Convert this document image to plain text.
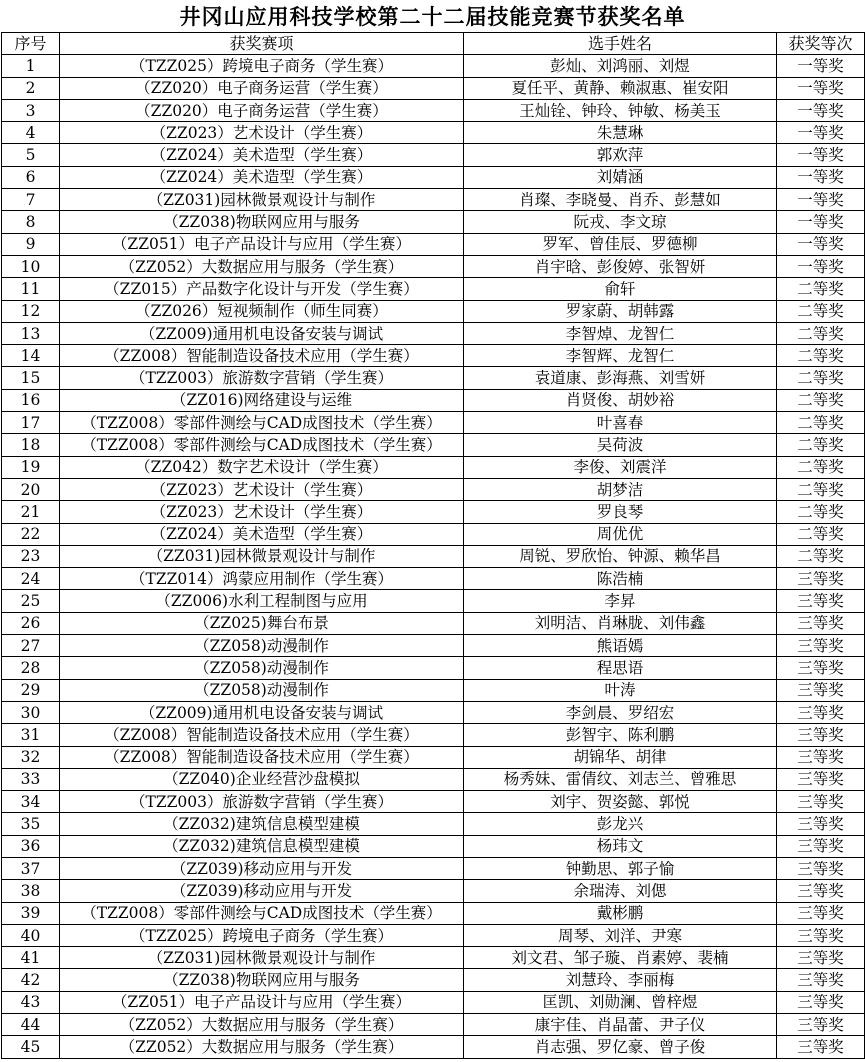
井冈山应用科技学校第二十二届技能竞赛节获奖名单
序号	获奖赛项	选手姓名	获奖等次
1	（TZZ025）跨境电子商务（学生赛）	彭灿、刘鸿丽、刘煜	一等奖
2	（ZZ020）电子商务运营（学生赛）	夏任平、黄静、赖淑惠、崔安阳	一等奖
3	（ZZ020）电子商务运营（学生赛）	王灿铨、钟玲、钟敏、杨美玉	一等奖
4	（ZZ023）艺术设计（学生赛）	朱慧琳	一等奖
5	（ZZ024）美术造型（学生赛）	郭欢萍	一等奖
6	（ZZ024）美术造型（学生赛）	刘婧涵	一等奖
7	（ZZ031)园林微景观设计与制作	肖璨、李晓曼、肖乔、彭慧如	一等奖
8	（ZZ038)物联网应用与服务	阮戎、李文琼	一等奖
9	（ZZ051）电子产品设计与应用（学生赛）	罗军、曾佳辰、罗德柳	一等奖
10	（ZZ052）大数据应用与服务（学生赛）	肖宇晗、彭俊婷、张智妍	一等奖
11	（ZZ015）产品数字化设计与开发（学生赛）	俞轩	二等奖
12	（ZZ026）短视频制作（师生同赛）	罗家蔚、胡韩露	二等奖
13	（ZZ009)通用机电设备安装与调试	李智焯、龙智仁	二等奖
14	（ZZ008）智能制造设备技术应用（学生赛）	李智辉、龙智仁	二等奖
15	（TZZ003）旅游数字营销（学生赛）	袁道康、彭海燕、刘雪妍	二等奖
16	（ZZ016)网络建设与运维	肖贤俊、胡妙裕	二等奖
17	（TZZ008）零部件测绘与CAD成图技术（学生赛）	叶喜春	二等奖
18	（TZZ008）零部件测绘与CAD成图技术（学生赛）	吴荷波	二等奖
19	（ZZ042）数字艺术设计（学生赛）	李俊、刘震洋	二等奖
20	（ZZ023）艺术设计（学生赛）	胡梦洁	二等奖
21	（ZZ023）艺术设计（学生赛）	罗良琴	二等奖
22	（ZZ024）美术造型（学生赛）	周优优	二等奖
23	（ZZ031)园林微景观设计与制作	周锐、罗欣怡、钟源、赖华昌	二等奖
24	（TZZ014）鸿蒙应用制作（学生赛）	陈浩楠	三等奖
25	（ZZ006)水利工程制图与应用	李昇	三等奖
26	（ZZ025)舞台布景	刘明洁、肖琳胧、刘伟鑫	三等奖
27	（ZZ058)动漫制作	熊语嫣	三等奖
28	（ZZ058)动漫制作	程思语	三等奖
29	（ZZ058)动漫制作	叶涛	三等奖
30	（ZZ009)通用机电设备安装与调试	李剑晨、罗绍宏	三等奖
31	（ZZ008）智能制造设备技术应用（学生赛）	彭智宇、陈利鹏	三等奖
32	（ZZ008）智能制造设备技术应用（学生赛）	胡锦华、胡律	三等奖
33	（ZZ040)企业经营沙盘模拟	杨秀妹、雷倩纹、刘志兰、曾雅思	三等奖
34	（TZZ003）旅游数字营销（学生赛）	刘宇、贺姿懿、郭悦	三等奖
35	（ZZ032)建筑信息模型建模	彭龙兴	三等奖
36	（ZZ032)建筑信息模型建模	杨玮文	三等奖
37	（ZZ039)移动应用与开发	钟勤思、郭子愉	三等奖
38	（ZZ039)移动应用与开发	余瑞涛、刘偲	三等奖
39	（TZZ008）零部件测绘与CAD成图技术（学生赛）	戴彬鹏	三等奖
40	（TZZ025）跨境电子商务（学生赛）	周琴、刘洋、尹寒	三等奖
41	（ZZ031)园林微景观设计与制作	刘文君、邹子璇、肖素婷、裴楠	三等奖
42	（ZZ038)物联网应用与服务	刘慧玲、李丽梅	三等奖
43	（ZZ051）电子产品设计与应用（学生赛）	匡凯、刘勋澜、曾梓煜	三等奖
44	（ZZ052）大数据应用与服务（学生赛）	康宇佳、肖晶蕾、尹子仪	三等奖
45	（ZZ052）大数据应用与服务（学生赛）	肖志强、罗亿豪、曾子俊	三等奖
